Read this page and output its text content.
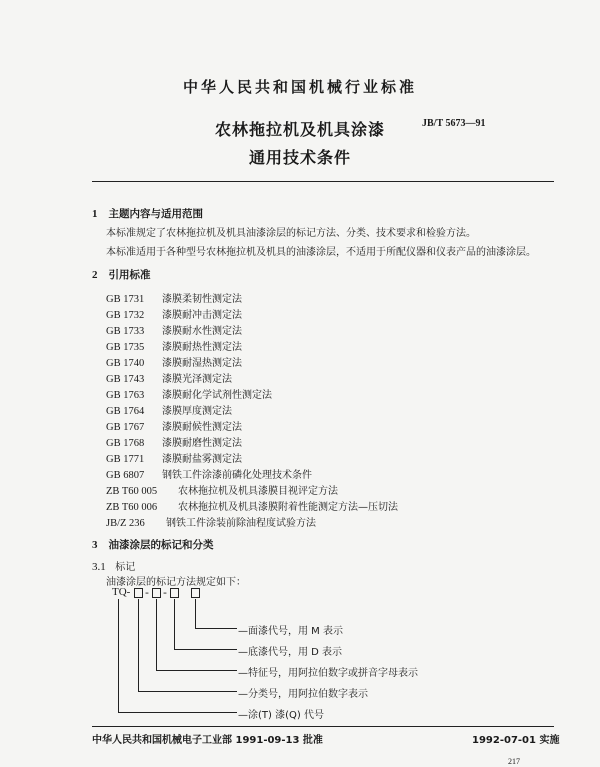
中华人民共和国机械行业标准
JB/T 5673—91
农林拖拉机及机具涂漆
通用技术条件
1 主题内容与适用范围
本标准规定了农林拖拉机及机具油漆涂层的标记方法、分类、技术要求和检验方法。
本标准适用于各种型号农林拖拉机及机具的油漆涂层，不适用于所配仪器和仪表产品的油漆涂层。
2 引用标准
GB 1731 漆膜柔韧性测定法
GB 1732 漆膜耐冲击测定法
GB 1733 漆膜耐水性测定法
GB 1735 漆膜耐热性测定法
GB 1740 漆膜耐湿热测定法
GB 1743 漆膜光泽测定法
GB 1763 漆膜耐化学试剂性测定法
GB 1764 漆膜厚度测定法
GB 1767 漆膜耐候性测定法
GB 1768 漆膜耐磨性测定法
GB 1771 漆膜耐盐雾测定法
GB 6807 钢铁工件涂漆前磷化处理技术条件
ZB T60 005 农林拖拉机及机具漆膜目视评定方法
ZB T60 006 农林拖拉机及机具漆膜附着性能测定方法—压切法
JB/Z 236 钢铁工件涂装前除油程度试验方法
3 油漆涂层的标记和分类
3.1 标记
油漆涂层的标记方法规定如下：
TQ- - -
—面漆代号，用 M 表示
—底漆代号，用 D 表示
—特征号，用阿拉伯数字或拼音字母表示
—分类号，用阿拉伯数字表示
—涂(T) 漆(Q) 代号
中华人民共和国机械电子工业部 1991-09-13 批准	1992-07-01 实施
217
